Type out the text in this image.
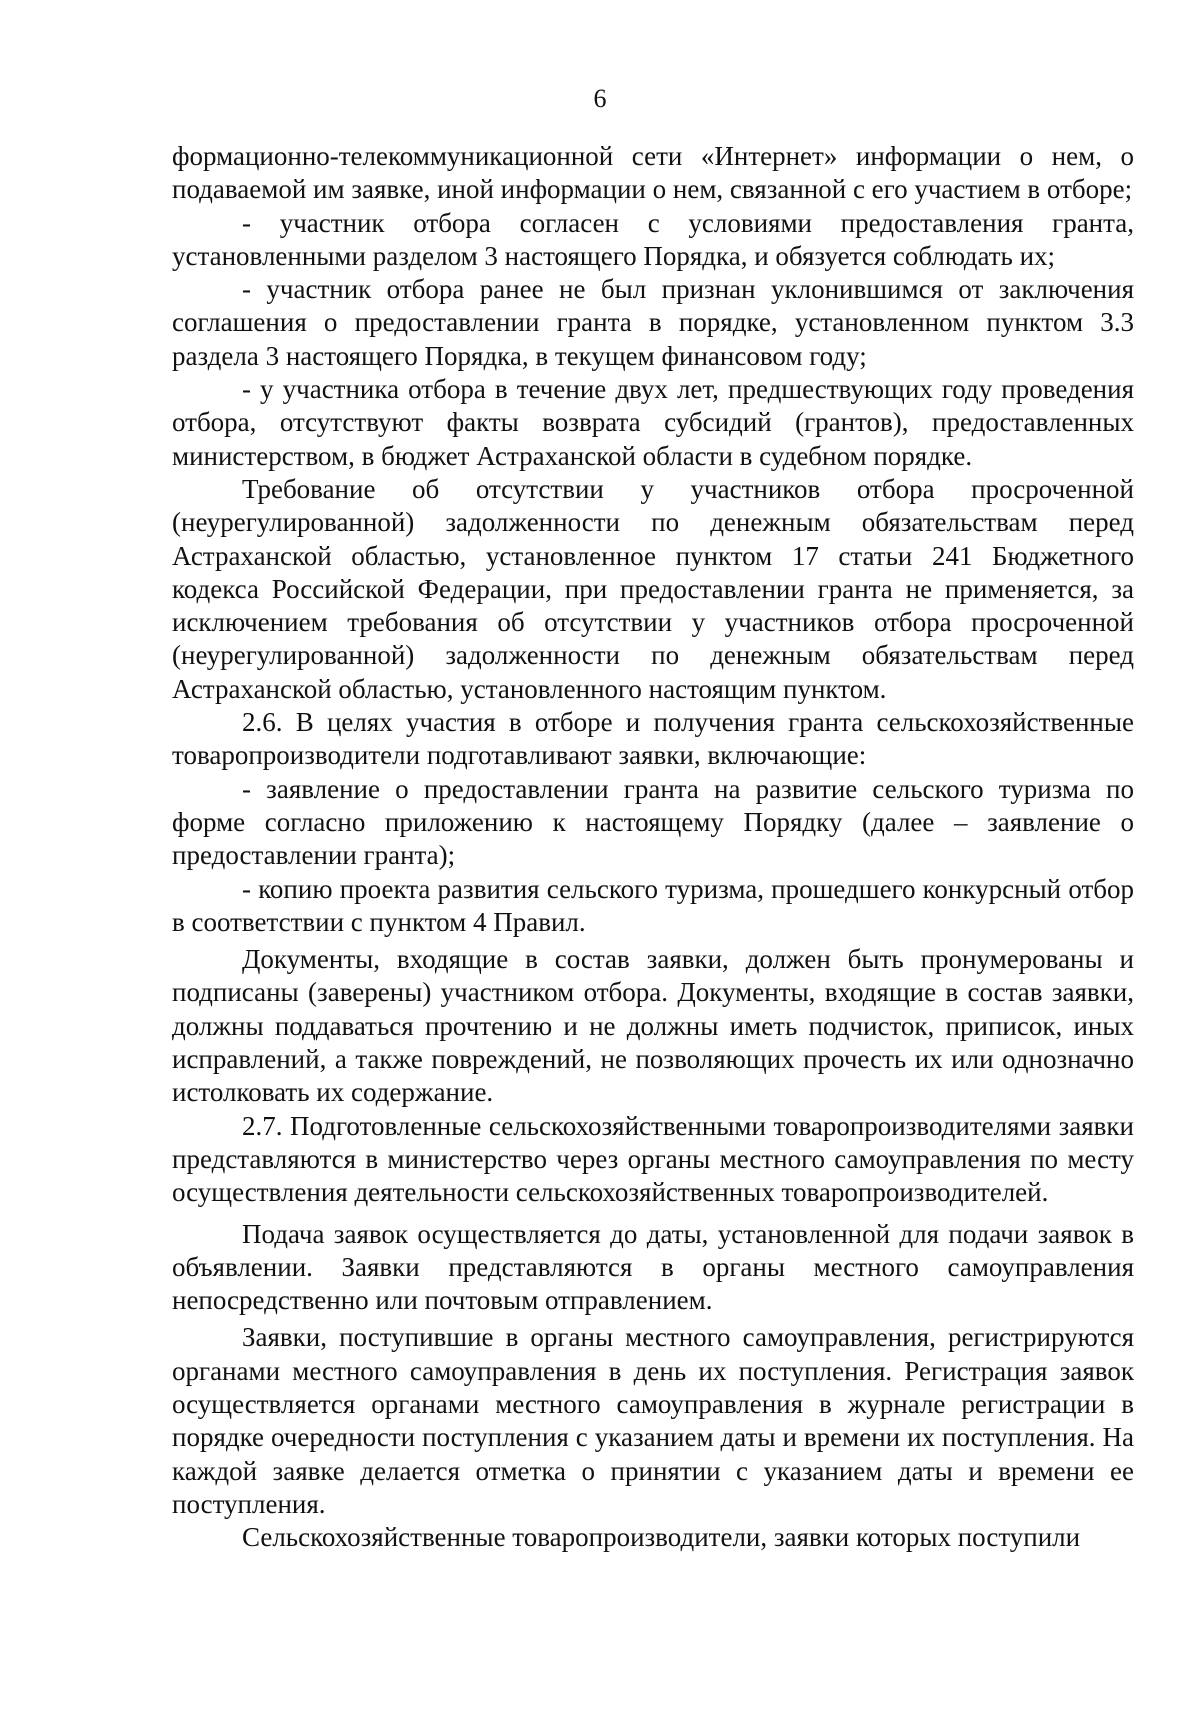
6

формационно-телекоммуникационной сети «Интернет» информации о нем, о подаваемой им заявке, иной информации о нем, связанной с его участием в отборе;

- участник отбора согласен с условиями предоставления гранта, установленными разделом 3 настоящего Порядка, и обязуется соблюдать их;

- участник отбора ранее не был признан уклонившимся от заключения соглашения о предоставлении гранта в порядке, установленном пунктом 3.3 раздела 3 настоящего Порядка, в текущем финансовом году;

- у участника отбора в течение двух лет, предшествующих году проведения отбора, отсутствуют факты возврата субсидий (грантов), предоставленных министерством, в бюджет Астраханской области в судебном порядке.

Требование об отсутствии у участников отбора просроченной (неурегулированной) задолженности по денежным обязательствам перед Астраханской областью, установленное пунктом 17 статьи 241 Бюджетного кодекса Российской Федерации, при предоставлении гранта не применяется, за исключением требования об отсутствии у участников отбора просроченной (неурегулированной) задолженности по денежным обязательствам перед Астраханской областью, установленного настоящим пунктом.

2.6. В целях участия в отборе и получения гранта сельскохозяйственные товаропроизводители подготавливают заявки, включающие:

- заявление о предоставлении гранта на развитие сельского туризма по форме согласно приложению к настоящему Порядку (далее – заявление о предоставлении гранта);

- копию проекта развития сельского туризма, прошедшего конкурсный отбор в соответствии с пунктом 4 Правил.

Документы, входящие в состав заявки, должен быть пронумерованы и подписаны (заверены) участником отбора. Документы, входящие в состав заявки, должны поддаваться прочтению и не должны иметь подчисток, приписок, иных исправлений, а также повреждений, не позволяющих прочесть их или однозначно истолковать их содержание.

2.7. Подготовленные сельскохозяйственными товаропроизводителями заявки представляются в министерство через органы местного самоуправления по месту осуществления деятельности сельскохозяйственных товаропроизводителей.

Подача заявок осуществляется до даты, установленной для подачи заявок в объявлении. Заявки представляются в органы местного самоуправления непосредственно или почтовым отправлением.

Заявки, поступившие в органы местного самоуправления, регистрируются органами местного самоуправления в день их поступления. Регистрация заявок осуществляется органами местного самоуправления в журнале регистрации в порядке очередности поступления с указанием даты и времени их поступления. На каждой заявке делается отметка о принятии с указанием даты и времени ее поступления.

Сельскохозяйственные товаропроизводители, заявки которых поступили
